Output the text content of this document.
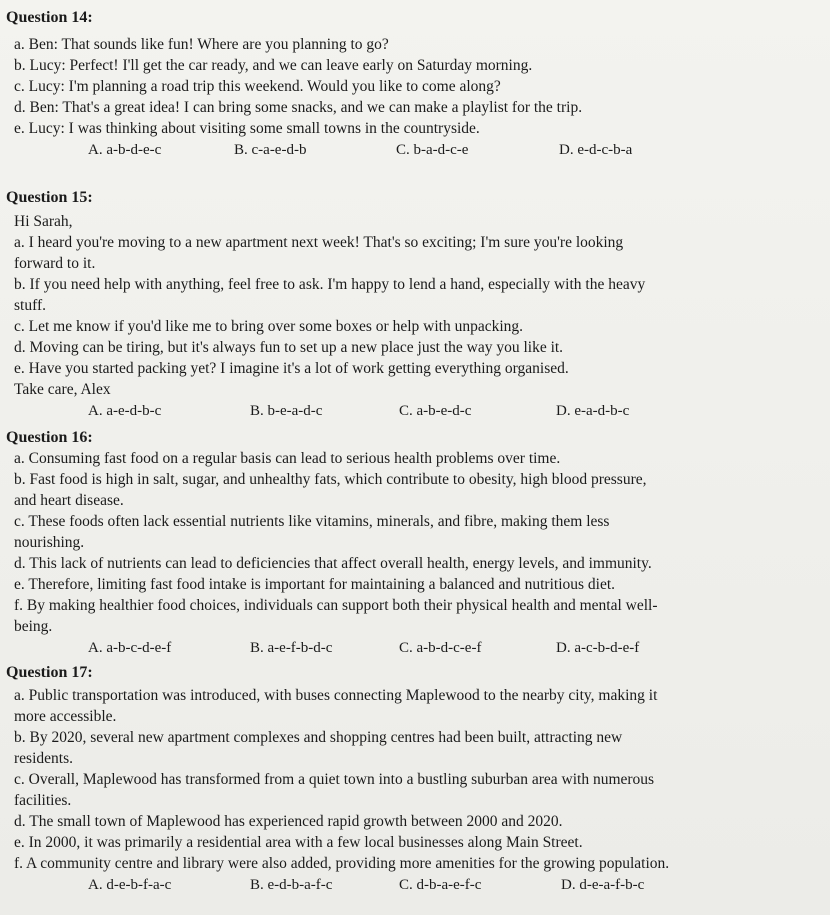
Question 14:
a. Ben: That sounds like fun! Where are you planning to go?
b. Lucy: Perfect! I'll get the car ready, and we can leave early on Saturday morning.
c. Lucy: I'm planning a road trip this weekend. Would you like to come along?
d. Ben: That's a great idea! I can bring some snacks, and we can make a playlist for the trip.
e. Lucy: I was thinking about visiting some small towns in the countryside.
A. a-b-d-e-c	B. c-a-e-d-b	C. b-a-d-c-e	D. e-d-c-b-a
Question 15:
Hi Sarah,
a. I heard you're moving to a new apartment next week! That's so exciting; I'm sure you're looking
forward to it.
b. If you need help with anything, feel free to ask. I'm happy to lend a hand, especially with the heavy
stuff.
c. Let me know if you'd like me to bring over some boxes or help with unpacking.
d. Moving can be tiring, but it's always fun to set up a new place just the way you like it.
e. Have you started packing yet? I imagine it's a lot of work getting everything organised.
Take care, Alex
A. a-e-d-b-c	B. b-e-a-d-c	C. a-b-e-d-c	D. e-a-d-b-c
Question 16:
a. Consuming fast food on a regular basis can lead to serious health problems over time.
b. Fast food is high in salt, sugar, and unhealthy fats, which contribute to obesity, high blood pressure,
and heart disease.
c. These foods often lack essential nutrients like vitamins, minerals, and fibre, making them less
nourishing.
d. This lack of nutrients can lead to deficiencies that affect overall health, energy levels, and immunity.
e. Therefore, limiting fast food intake is important for maintaining a balanced and nutritious diet.
f. By making healthier food choices, individuals can support both their physical health and mental well-
being.
A. a-b-c-d-e-f	B. a-e-f-b-d-c	C. a-b-d-c-e-f	D. a-c-b-d-e-f
Question 17:
a. Public transportation was introduced, with buses connecting Maplewood to the nearby city, making it
more accessible.
b. By 2020, several new apartment complexes and shopping centres had been built, attracting new
residents.
c. Overall, Maplewood has transformed from a quiet town into a bustling suburban area with numerous
facilities.
d. The small town of Maplewood has experienced rapid growth between 2000 and 2020.
e. In 2000, it was primarily a residential area with a few local businesses along Main Street.
f. A community centre and library were also added, providing more amenities for the growing population.
A. d-e-b-f-a-c	B. e-d-b-a-f-c	C. d-b-a-e-f-c	D. d-e-a-f-b-c
